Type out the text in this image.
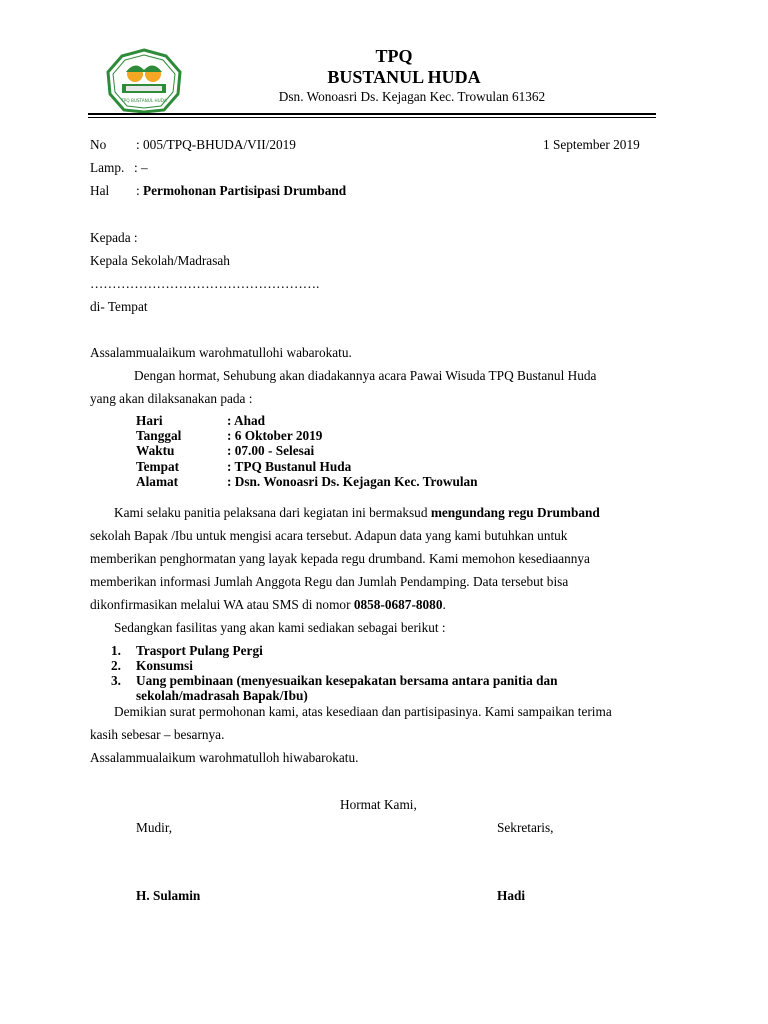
TPQ BUSTANUL HUDA
TPQ
BUSTANUL HUDA
Dsn. Wonoasri Ds. Kejagan Kec. Trowulan 61362
No : 005/TPQ-BHUDA/VII/2019	1 September 2019
Lamp. : –
Hal : Permohonan Partisipasi Drumband
Kepada :
Kepala Sekolah/Madrasah
…………………………………………….
di- Tempat
Assalammualaikum warohmatullohi wabarokatu.
Dengan hormat, Sehubung akan diadakannya acara Pawai Wisuda TPQ Bustanul Huda
yang akan dilaksanakan pada :
Hari	: Ahad
Tanggal	: 6 Oktober 2019
Waktu	: 07.00 - Selesai
Tempat	: TPQ Bustanul Huda
Alamat	: Dsn. Wonoasri Ds. Kejagan Kec. Trowulan
Kami selaku panitia pelaksana dari kegiatan ini bermaksud mengundang regu Drumband
sekolah Bapak /Ibu untuk mengisi acara tersebut. Adapun data yang kami butuhkan untuk
memberikan penghormatan yang layak kepada regu drumband. Kami memohon kesediaannya
memberikan informasi Jumlah Anggota Regu dan Jumlah Pendamping. Data tersebut bisa
dikonfirmasikan melalui WA atau SMS di nomor 0858-0687-8080.
Sedangkan fasilitas yang akan kami sediakan sebagai berikut :
1. Trasport Pulang Pergi
2. Konsumsi
3. Uang pembinaan (menyesuaikan kesepakatan bersama antara panitia dan
sekolah/madrasah Bapak/Ibu)
Demikian surat permohonan kami, atas kesediaan dan partisipasinya. Kami sampaikan terima
kasih sebesar – besarnya.
Assalammualaikum warohmatulloh hiwabarokatu.
Hormat Kami,
Mudir,	Sekretaris,
H. Sulamin	Hadi
